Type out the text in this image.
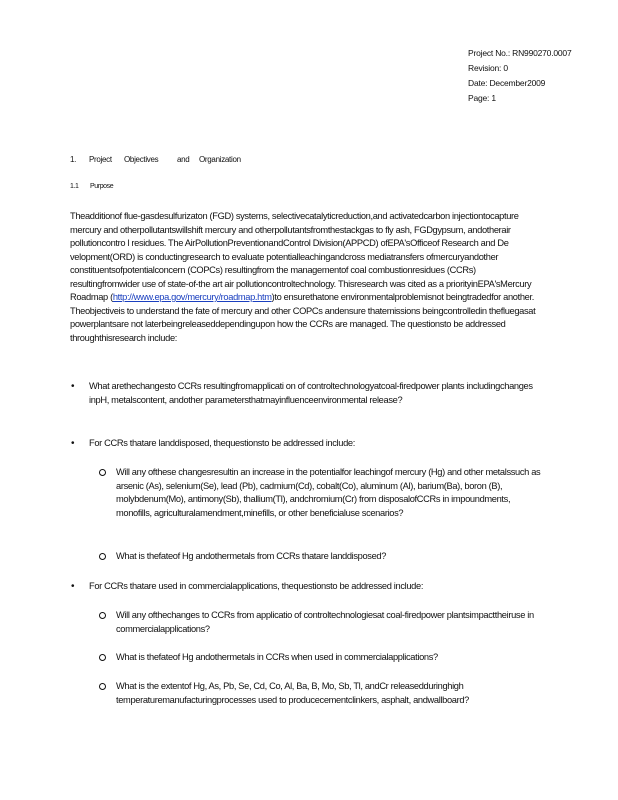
Project No.: RN990270.0007
Revision: 0
Date: December2009
Page: 1
1. Project Objectives and Organization
1.1 Purpose
Theadditionof flue-gasdesulfurizaton (FGD) systems, selectivecatalyticreduction,and activatedcarbon injectiontocapture mercury and otherpollutantswillshift mercury and otherpollutantsfromthestackgas to fly ash, FGDgypsum, andotherair pollutioncontro l residues. The AirPollutionPreventionandControl Division(APPCD) ofEPA'sOfficeof Research and De velopment(ORD) is conductingresearch to evaluate potentialleachingandcross mediatransfers ofmercuryandother constituentsofpotentialconcern (COPCs) resultingfrom the managementof coal combustionresidues (CCRs) resultingfromwider use of state-of-the art air pollutioncontroltechnology. Thisresearch was cited as a priorityinEPA'sMercury Roadmap (http://www.epa.gov/mercury/roadmap.htm)to ensurethatone environmentalproblemisnot beingtradedfor another. Theobjectiveis to understand the fate of mercury and other COPCs andensure thatemissions beingcontrolledin thefluegasat powerplantsare not laterbeingreleaseddependingupon how the CCRs are managed. The questionsto be addressed throughthisresearch include:
• What arethechangesto CCRs resultingfromapplicati on of controltechnologyatcoal-firedpower plants includingchanges inpH, metalscontent, andother parametersthatmayinfluenceenvironmental release?
• For CCRs thatare landdisposed, thequestionsto be addressed include:
Will any ofthese changesresultin an increase in the potentialfor leachingof mercury (Hg) and other metalssuch as arsenic (As), selenium(Se), lead (Pb), cadmium(Cd), cobalt(Co), aluminum (Al), barium(Ba), boron (B), molybdenum(Mo), antimony(Sb), thallium(Tl), andchromium(Cr) from disposalofCCRs in impoundments, monofills, agriculturalamendment,minefills, or other beneficialuse scenarios?
What is thefateof Hg andothermetals from CCRs thatare landdisposed?
• For CCRs thatare used in commercialapplications, thequestionsto be addressed include:
Will any ofthechanges to CCRs from applicatio of controltechnologiesat coal-firedpower plantsimpacttheiruse in commercialapplications?
What is thefateof Hg andothermetals in CCRs when used in commercialapplications?
What is the extentof Hg, As, Pb, Se, Cd, Co, Al, Ba, B, Mo, Sb, Tl, andCr releasedduringhigh temperaturemanufacturingprocesses used to producecementclinkers, asphalt, andwallboard?
